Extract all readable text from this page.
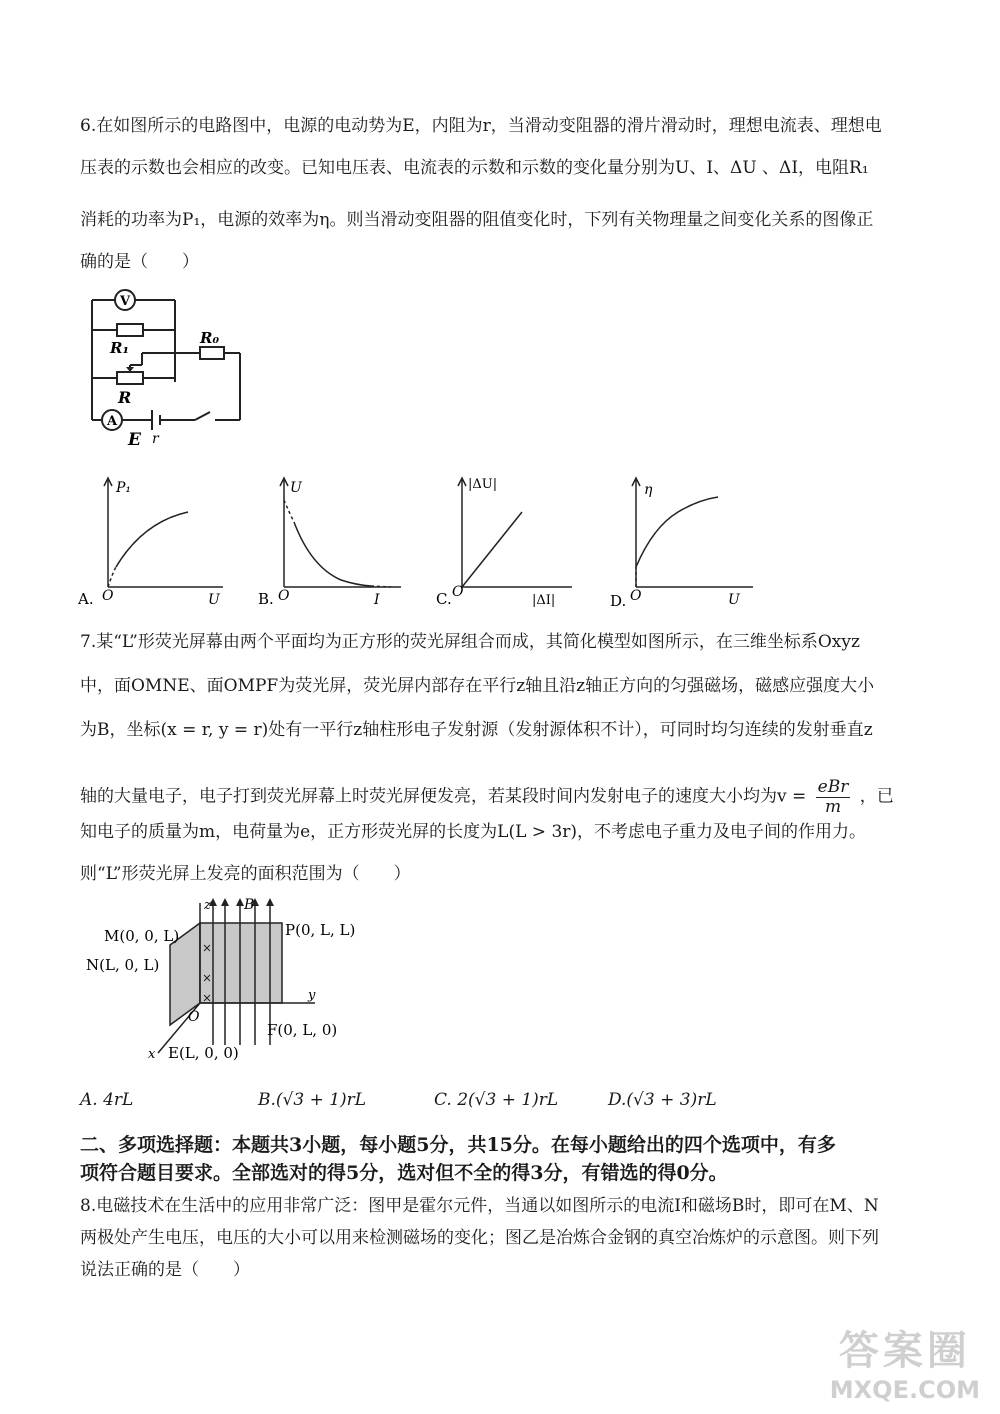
6.在如图所示的电路图中，电源的电动势为E，内阻为r，当滑动变阻器的滑片滑动时，理想电流表、理想电
压表的示数也会相应的改变。已知电压表、电流表的示数和示数的变化量分别为U、I、ΔU 、ΔI，电阻R₁
消耗的功率为P₁，电源的效率为η。则当滑动变阻器的阻值变化时，下列有关物理量之间变化关系的图像正
确的是（　　）
V
A
R₁
R₀
R
E r
A. O
P₁
U	B. O
U
I	C. O
|ΔU|
|ΔI|	D. O
η
U
7.某“L”形荧光屏幕由两个平面均为正方形的荧光屏组合而成，其简化模型如图所示，在三维坐标系Oxyz
中，面OMNE、面OMPF为荧光屏，荧光屏内部存在平行z轴且沿z轴正方向的匀强磁场，磁感应强度大小
为B，坐标(x = r, y = r)处有一平行z轴柱形电子发射源（发射源体积不计），可同时均匀连续的发射垂直z
轴的大量电子，电子打到荧光屏幕上时荧光屏便发亮，若某段时间内发射电子的速度大小均为v = eBr
m	，已
知电子的质量为m，电荷量为e，正方形荧光屏的长度为L(L > 3r)，不考虑电子重力及电子间的作用力。
则“L”形荧光屏上发亮的面积范围为（　　）
M(0, 0, L)
N(L, 0, L)
P(0, L, L)
F(0, L, 0)
E(L, 0, 0)
O
z
y
x
B
A. 4rL	B.(√3 + 1)rL	C. 2(√3 + 1)rL	D.(√3 + 3)rL
二、多项选择题：本题共3小题，每小题5分，共15分。在每小题给出的四个选项中，有多
项符合题目要求。全部选对的得5分，选对但不全的得3分，有错选的得0分。
8.电磁技术在生活中的应用非常广泛：图甲是霍尔元件，当通以如图所示的电流I和磁场B时，即可在M、N
两极处产生电压，电压的大小可以用来检测磁场的变化；图乙是冶炼合金钢的真空冶炼炉的示意图。则下列
说法正确的是（　　）
答案圈
MXQE.COM
